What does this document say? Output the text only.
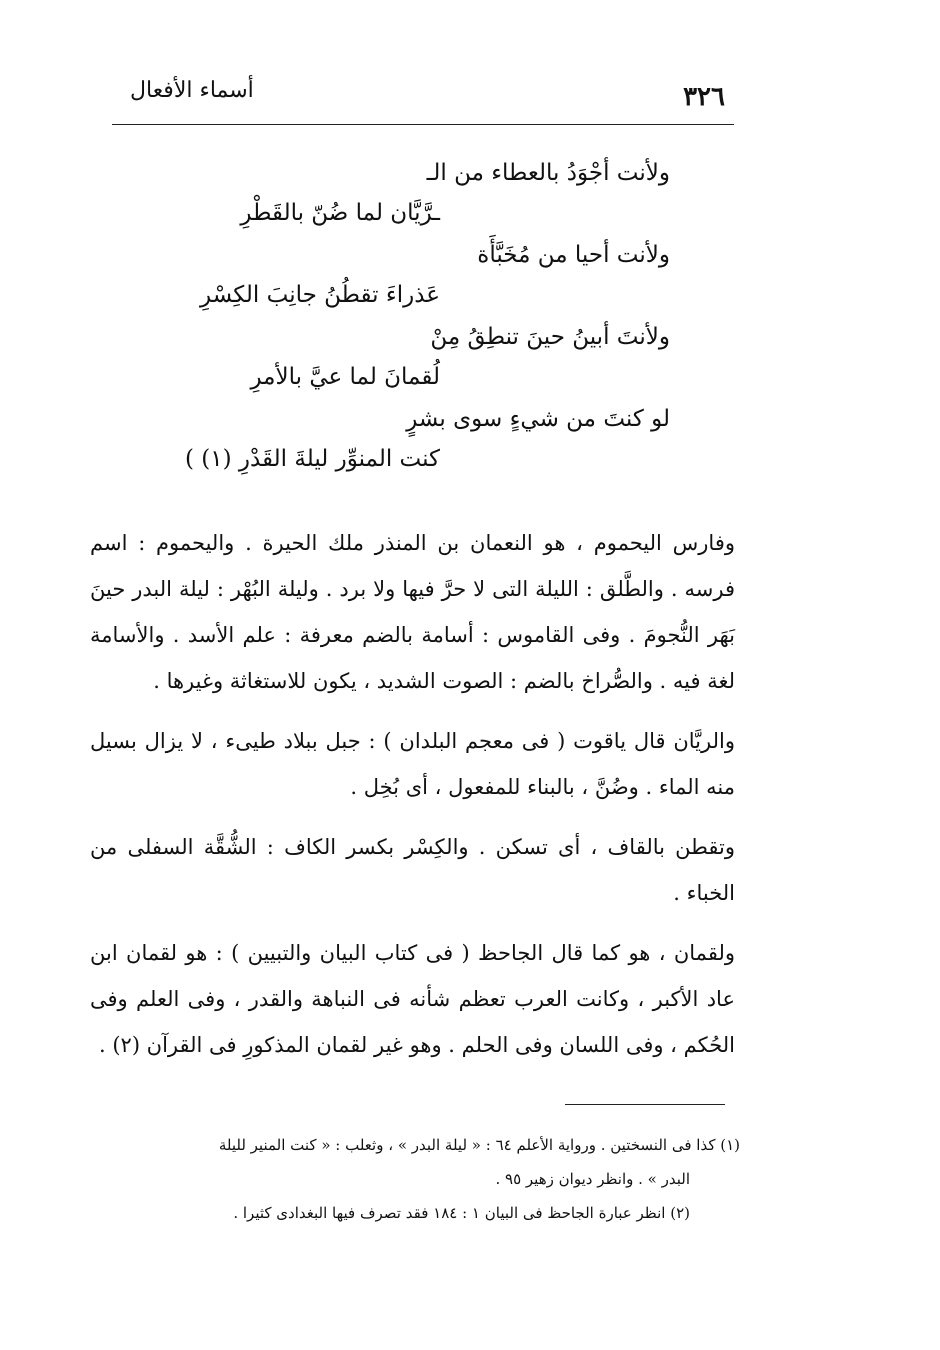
أسماء الأفعال	٣٢٦
ولأنت أجْوَدُ بالعطاء من الـ
ـرَّيَّان لما ضُنّ بالقَطْرِ
ولأنت أحيا من مُخَبَّأَة
عَذراءَ تقطُنُ جانِبَ الكِسْرِ
ولأنتَ أبينُ حينَ تنطِقُ مِنْ
لُقمانَ لما عيَّ بالأمرِ
لو كنتَ من شيءٍ سوى بشرٍ
كنت المنوِّر ليلةَ القَدْرِ (١) )

وفارس اليحموم ، هو النعمان بن المنذر ملك الحيرة . واليحموم : اسم فرسه . والطَّلق : الليلة التى لا حرَّ فيها ولا برد . وليلة البُهْر : ليلة البدر حينَ بَهَر النُّجومَ . وفى القاموس : أسامة بالضم معرفة : علم الأسد . والأسامة لغة فيه . والصُّراخ بالضم : الصوت الشديد ، يكون للاستغاثة وغيرها .

والريَّان قال ياقوت ( فى معجم البلدان ) : جبل ببلاد طيىء ، لا يزال بسيل منه الماء . وضُنَّ ، بالبناء للمفعول ، أى بُخِل .

وتقطن بالقاف ، أى تسكن . والكِسْر بكسر الكاف : الشُّقَّة السفلى من الخباء .

ولقمان ، هو كما قال الجاحظ ( فى كتاب البيان والتبيين ) : هو لقمان ابن عاد الأكبر ، وكانت العرب تعظم شأنه فى النباهة والقدر ، وفى العلم وفى الحُكم ، وفى اللسان وفى الحلم . وهو غير لقمان المذكورِ فى القرآن (٢) .

(١) كذا فى النسختين . ورواية الأعلم ٦٤ : « ليلة البدر » ، وثعلب : « كنت المنير لليلة

البدر » . وانظر ديوان زهير ٩٥ .

(٢) انظر عبارة الجاحظ فى البيان ١ : ١٨٤ فقد تصرف فيها البغدادى كثيرا .
